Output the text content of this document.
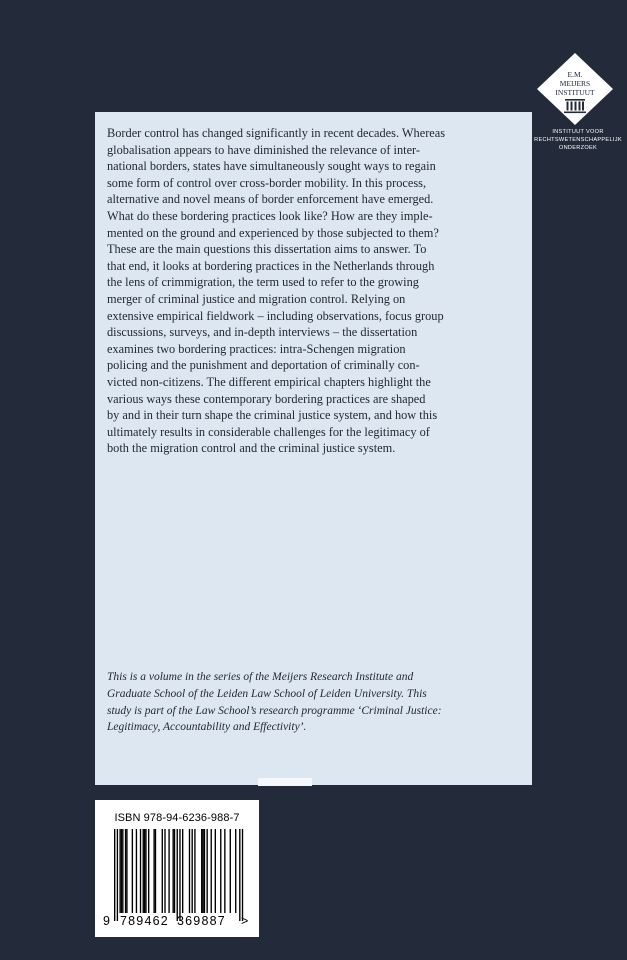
Border control has changed significantly in recent decades. Whereas
globalisation appears to have diminished the relevance of inter-
national borders, states have simultaneously sought ways to regain
some form of control over cross-border mobility. In this process,
alternative and novel means of border enforcement have emerged.
What do these bordering practices look like? How are they imple-
mented on the ground and experienced by those subjected to them?
These are the main questions this dissertation aims to answer. To
that end, it looks at bordering practices in the Netherlands through
the lens of crimmigration, the term used to refer to the growing
merger of criminal justice and migration control. Relying on
extensive empirical fieldwork – including observations, focus group
discussions, surveys, and in-depth interviews – the dissertation
examines two bordering practices: intra-Schengen migration
policing and the punishment and deportation of criminally con-
victed non-citizens. The different empirical chapters highlight the
various ways these contemporary bordering practices are shaped
by and in their turn shape the criminal justice system, and how this
ultimately results in considerable challenges for the legitimacy of
both the migration control and the criminal justice system.

This is a volume in the series of the Meijers Research Institute and
Graduate School of the Leiden Law School of Leiden University. This
study is part of the Law School’s research programme ‘Criminal Justice:
Legitimacy, Accountability and Effectivity’.

E.M.
MEIJERS
INSTITUUT
INSTITUUT VOOR
RECHTSWETENSCHAPPELIJK
ONDERZOEK
ISBN 978-94-6236-988-7
9 789462 369887 >
